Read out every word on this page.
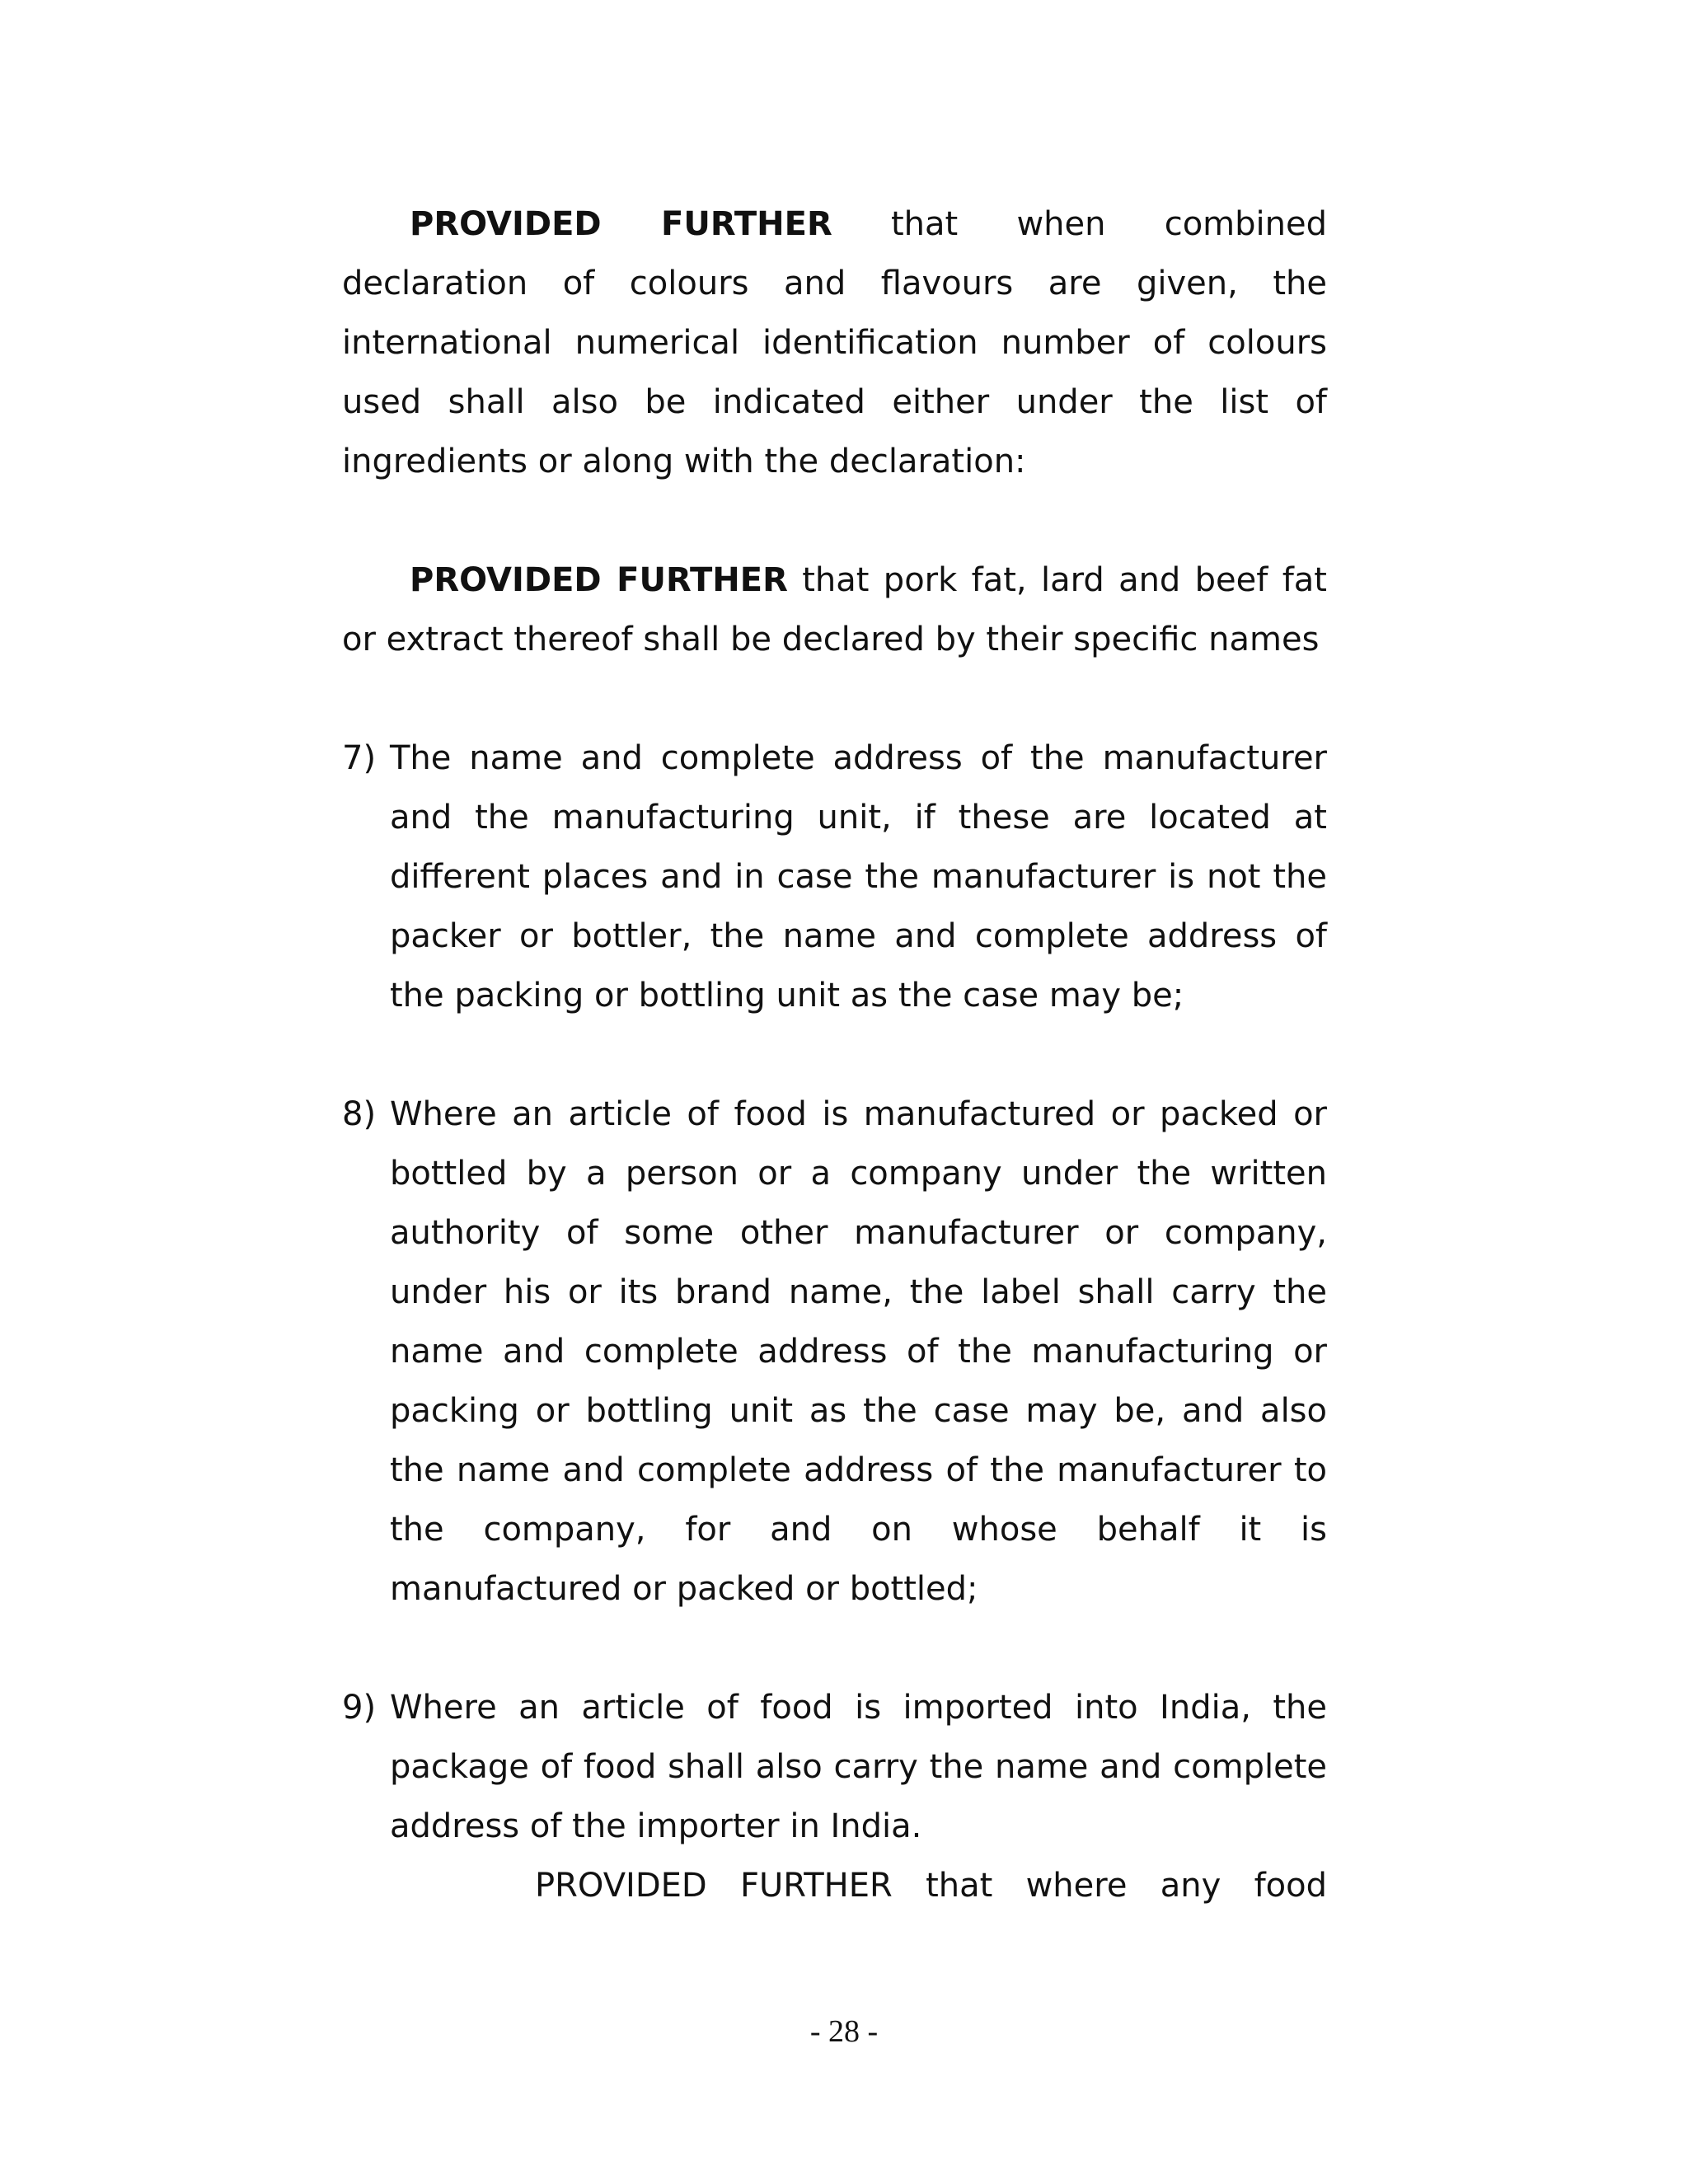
PROVIDED FURTHER that when combined declaration of colours and flavours are given, the international numerical identification number of colours used shall also be indicated either under the list of ingredients or along with the declaration:

PROVIDED FURTHER that pork fat, lard and beef fat or extract thereof shall be declared by their specific names

7) The name and complete address of the manufacturer and the manufacturing unit, if these are located at different places and in case the manufacturer is not the packer or bottler, the name and complete address of the packing or bottling unit as the case may be;
8) Where an article of food is manufactured or packed or bottled by a person or a company under the written authority of some other manufacturer or company, under his or its brand name, the label shall carry the name and complete address of the manufacturing or packing or bottling unit as the case may be, and also the name and complete address of the manufacturer to the company, for and on whose behalf it is manufactured or packed or bottled;
9) Where an article of food is imported into India, the package of food shall also carry the name and complete address of the importer in India.

PROVIDED FURTHER that where any food

- 28 -
